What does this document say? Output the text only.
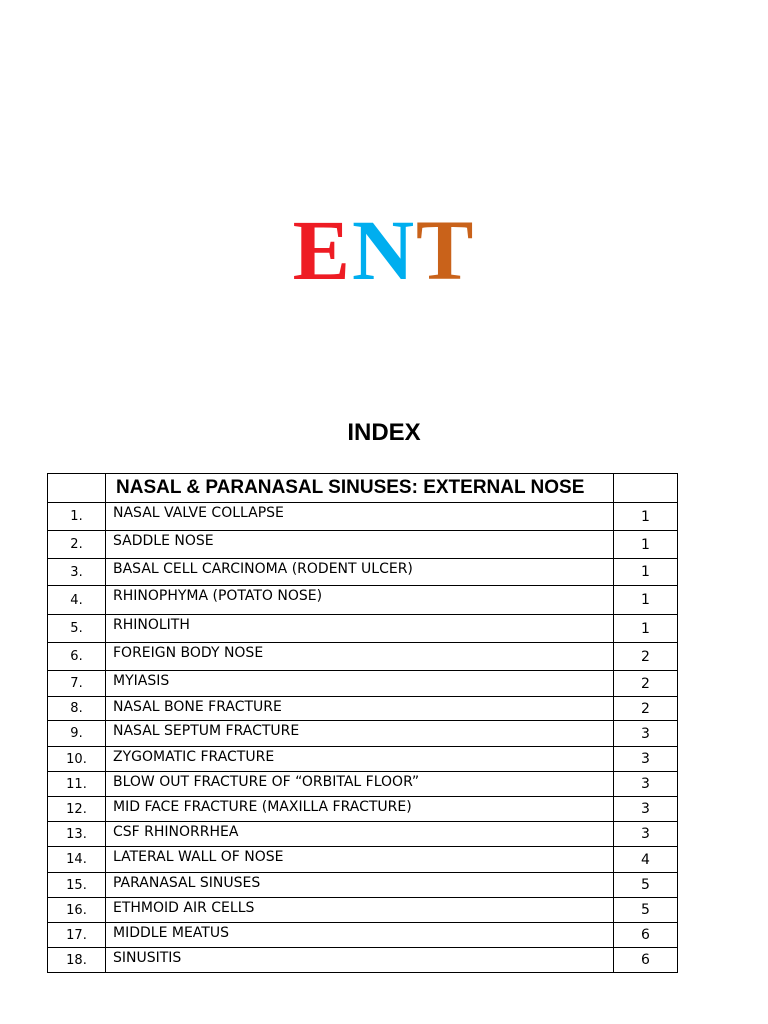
ENT
INDEX
	NASAL & PARANASAL SINUSES: EXTERNAL NOSE	
1.	NASAL VALVE COLLAPSE	1
2.	SADDLE NOSE	1
3.	BASAL CELL CARCINOMA (RODENT ULCER)	1
4.	RHINOPHYMA (POTATO NOSE)	1
5.	RHINOLITH	1
6.	FOREIGN BODY NOSE	2
7.	MYIASIS	2
8.	NASAL BONE FRACTURE	2
9.	NASAL SEPTUM FRACTURE	3
10.	ZYGOMATIC FRACTURE	3
11.	BLOW OUT FRACTURE OF “ORBITAL FLOOR”	3
12.	MID FACE FRACTURE (MAXILLA FRACTURE)	3
13.	CSF RHINORRHEA	3
14.	LATERAL WALL OF NOSE	4
15.	PARANASAL SINUSES	5
16.	ETHMOID AIR CELLS	5
17.	MIDDLE MEATUS	6
18.	SINUSITIS	6
